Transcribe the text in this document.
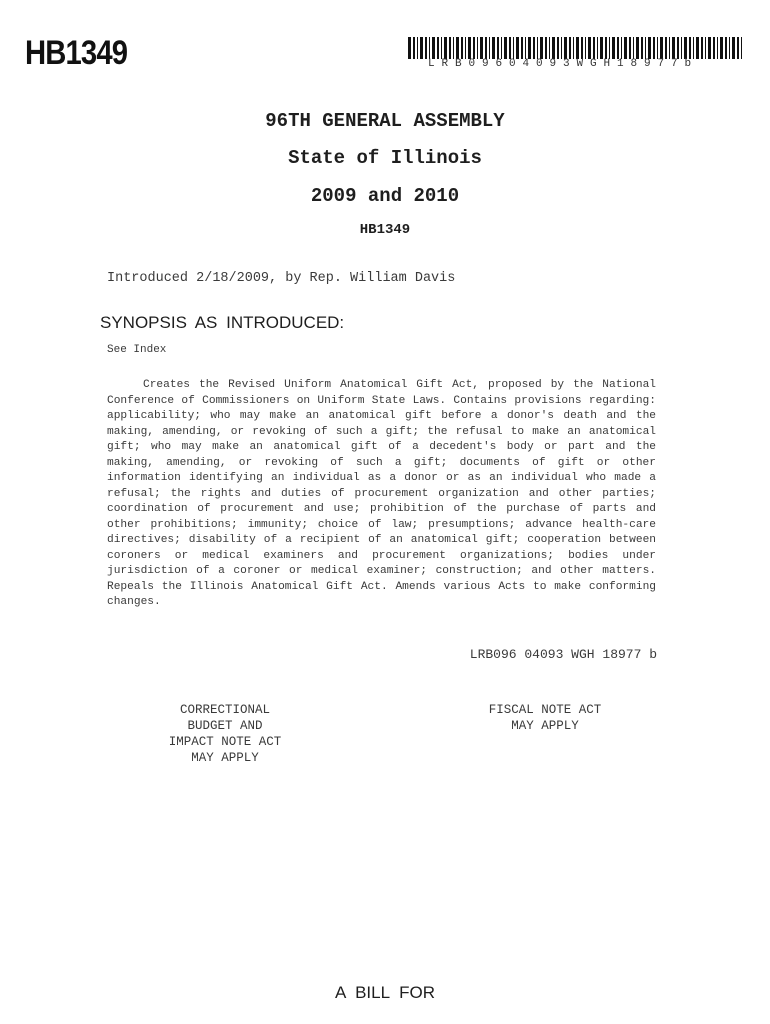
HB1349	LRB09604093WGH18977b
96TH GENERAL ASSEMBLY
State of Illinois
2009 and 2010
HB1349
Introduced 2/18/2009, by Rep. William Davis
SYNOPSIS AS INTRODUCED:
See Index

Creates the Revised Uniform Anatomical Gift Act, proposed by the National Conference of Commissioners on Uniform State Laws. Contains provisions regarding: applicability; who may make an anatomical gift before a donor's death and the making, amending, or revoking of such a gift; the refusal to make an anatomical gift; who may make an anatomical gift of a decedent's body or part and the making, amending, or revoking of such a gift; documents of gift or other information identifying an individual as a donor or as an individual who made a refusal; the rights and duties of procurement organization and other parties; coordination of procurement and use; prohibition of the purchase of parts and other prohibitions; immunity; choice of law; presumptions; advance health-care directives; disability of a recipient of an anatomical gift; cooperation between coroners or medical examiners and procurement organizations; bodies under jurisdiction of a coroner or medical examiner; construction; and other matters. Repeals the Illinois Anatomical Gift Act. Amends various Acts to make conforming changes.

LRB096 04093 WGH 18977 b
CORRECTIONAL
BUDGET AND
IMPACT NOTE ACT
MAY APPLY
FISCAL NOTE ACT
MAY APPLY
A BILL FOR
